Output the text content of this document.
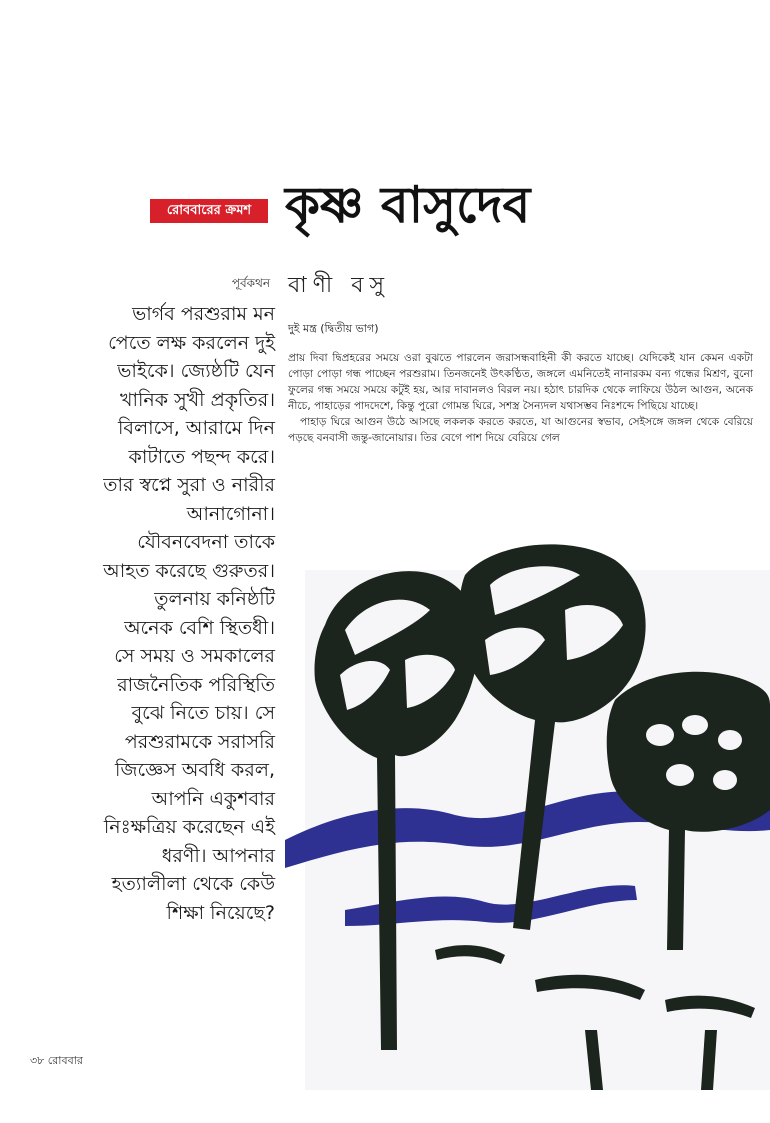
রোববারের ক্রমশ কৃষ্ণ বাসুদেব
বাণী বসু
পূর্বকথন

ভার্গব পরশুরাম মন পেতে লক্ষ করলেন দুই ভাইকে। জ্যেষ্ঠটি যেন খানিক সুখী প্রকৃতির। বিলাসে, আরামে দিন কাটাতে পছন্দ করে। তার স্বপ্নে সুরা ও নারীর আনাগোনা। যৌবনবেদনা তাকে আহত করেছে গুরুতর। তুলনায় কনিষ্ঠটি অনেক বেশি স্থিতধী। সে সময় ও সমকালের রাজনৈতিক পরিস্থিতি বুঝে নিতে চায়। সে পরশুরামকে সরাসরি জিজ্ঞেস অবধি করল, আপনি একুশবার নিঃক্ষত্রিয় করেছেন এই ধরণী। আপনার হত্যালীলা থেকে কেউ শিক্ষা নিয়েছে?

দুই মন্ত্র (দ্বিতীয় ভাগ)

প্রায় দিবা দ্বিপ্রহরের সময়ে ওরা বুঝতে পারলেন জরাসন্ধবাহিনী কী করতে যাচ্ছে। যেদিকেই যান কেমন একটা পোড়া পোড়া গন্ধ পাচ্ছেন পরশুরাম। তিনজনেই উৎকণ্ঠিত, জঙ্গলে এমনিতেই নানারকম বন্য গন্ধের মিশ্রণ, বুনো ফুলের গন্ধ সময়ে সময়ে কটুই হয়, আর দাবানলও বিরল নয়। হঠাৎ চারদিক থেকে লাফিয়ে উঠল আগুন, অনেক নীচে, পাহাড়ের পাদদেশে, কিন্তু পুরো গোমন্ত ঘিরে, সশস্ত্র সৈন্যদল যথাসম্ভব নিঃশব্দে পিছিয়ে যাচ্ছে।

পাহাড় ঘিরে আগুন উঠে আসছে লকলক করতে করতে, যা আগুনের স্বভাব, সেইসঙ্গে জঙ্গল থেকে বেরিয়ে পড়ছে বনবাসী জন্তু-জানোয়ার। তির বেগে পাশ দিয়ে বেরিয়ে গেল

৩৮ রোববার
